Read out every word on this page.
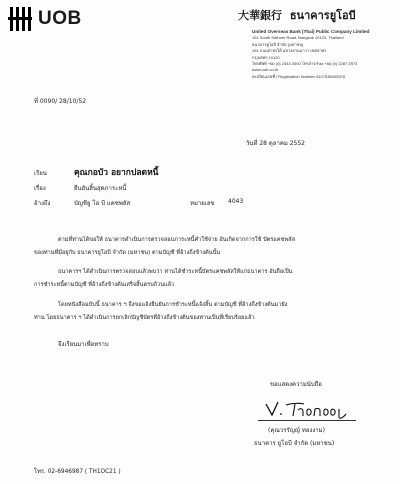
UOB	大華銀行 ธนาคารยูโอบี
United Overseas Bank (Thai) Public Company Limited
191 South Sathorn Road, Bangkok 10120, Thailand
ธนาคารยูโอบี จำกัด (มหาชน)
191 ถนนสาทรใต้ แขวงยานนาวา เขตสาทร
กรุงเทพฯ 10120
โทรศัพท์ +66 (0) 2343 3000 โทรสาร/Fax +66 (0) 2287 2973
www.uob.co.th
ทะเบียนเลขที่ / Registration Number 0107536000978
ที่ 0090/ 28/10/52
วันที่ 28 ตุลาคม 2552
เรียน	คุณกอบัว อยากปลดหนี้
เรื่อง	ยืนยันสิ้นสุดภาระหนี้
อ้างถึง	บัญชียู โอ บี แคชพลัส	หมายเลข 4043
ตามที่ท่านได้ขอให้ ธนาคารดำเนินการตรวจสอบภาระหนี้คำใช้จ่าย อันเกิดจากการใช้ บัตรแคชพลัส
ของท่านที่มีอยู่กับ ธนาคารยูโอบี จำกัด (มหาชน) ตามบัญชี ที่อ้างถึงข้างต้นนั้น
ธนาคารฯ ได้ดำเนินการตรวจสอบแล้วพบว่า ท่านได้ชำระหนี้บัตรแคชพลัสให้แก่ธนาคาร อันถือเป็น
การชำระหนี้ตามบัญชี ที่อ้างถึงข้างต้นเสร็จสิ้นครบถ้วนแล้ว
โดยหนังสือฉบับนี้ ธนาคาร ฯ จึงขอแจ้งยืนยันการชำระหนี้แจ้งสิ้น ตามบัญชี ที่อ้างถึงข้างต้นมายัง
ท่าน โดยธนาคาร ฯ ได้ดำเนินการยกเลิกบัญชีบัตรที่อ้างถึงข้างต้นของท่านเป็นที่เรียบร้อยแล้ว
จึงเรียนมาเพื่อทราบ
ขอแสดงความนับถือ
(คุณวรรัญญ์ ทองงาม)
ธนาคาร ยูโอบี จำกัด (มหาชน)
โทร. 02-6946987 ( TH1OC21 )
